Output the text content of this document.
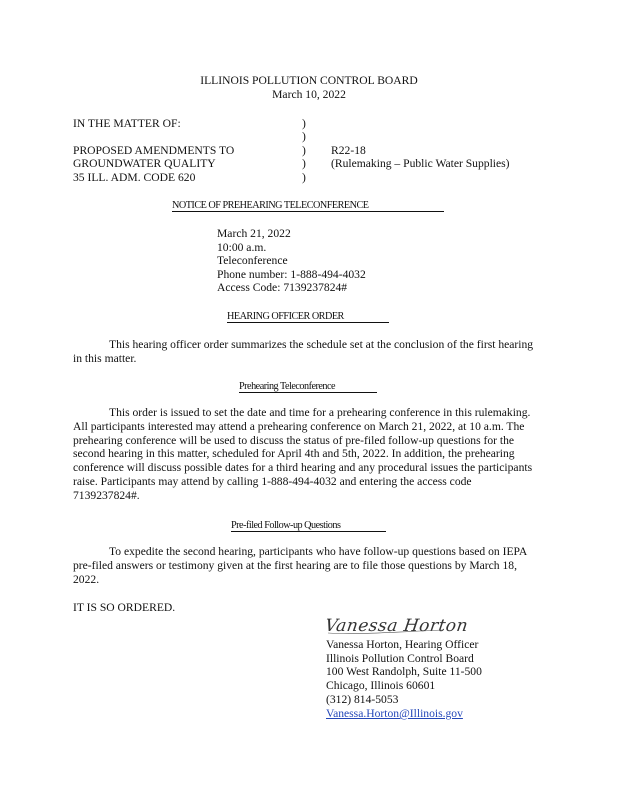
ILLINOIS POLLUTION CONTROL BOARD
March 10, 2022
IN THE MATTER OF:
PROPOSED AMENDMENTS TO
GROUNDWATER QUALITY
35 ILL. ADM. CODE 620
)
)
)
)
)
R22-18
(Rulemaking – Public Water Supplies)
NOTICE OF PREHEARING TELECONFERENCE
March 21, 2022
10:00 a.m.
Teleconference
Phone number: 1-888-494-4032
Access Code: 7139237824#
HEARING OFFICER ORDER
This hearing officer order summarizes the schedule set at the conclusion of the first hearing in this matter.
Prehearing Teleconference
This order is issued to set the date and time for a prehearing conference in this rulemaking. All participants interested may attend a prehearing conference on March 21, 2022, at 10 a.m. The prehearing conference will be used to discuss the status of pre-filed follow-up questions for the second hearing in this matter, scheduled for April 4th and 5th, 2022. In addition, the prehearing conference will discuss possible dates for a third hearing and any procedural issues the participants raise. Participants may attend by calling 1-888-494-4032 and entering the access code 7139237824#.
Pre-filed Follow-up Questions
To expedite the second hearing, participants who have follow-up questions based on IEPA pre-filed answers or testimony given at the first hearing are to file those questions by March 18, 2022.
IT IS SO ORDERED.
Vanessa Horton
Vanessa Horton, Hearing Officer
Illinois Pollution Control Board
100 West Randolph, Suite 11-500
Chicago, Illinois 60601
(312) 814-5053
Vanessa.Horton@Illinois.gov
